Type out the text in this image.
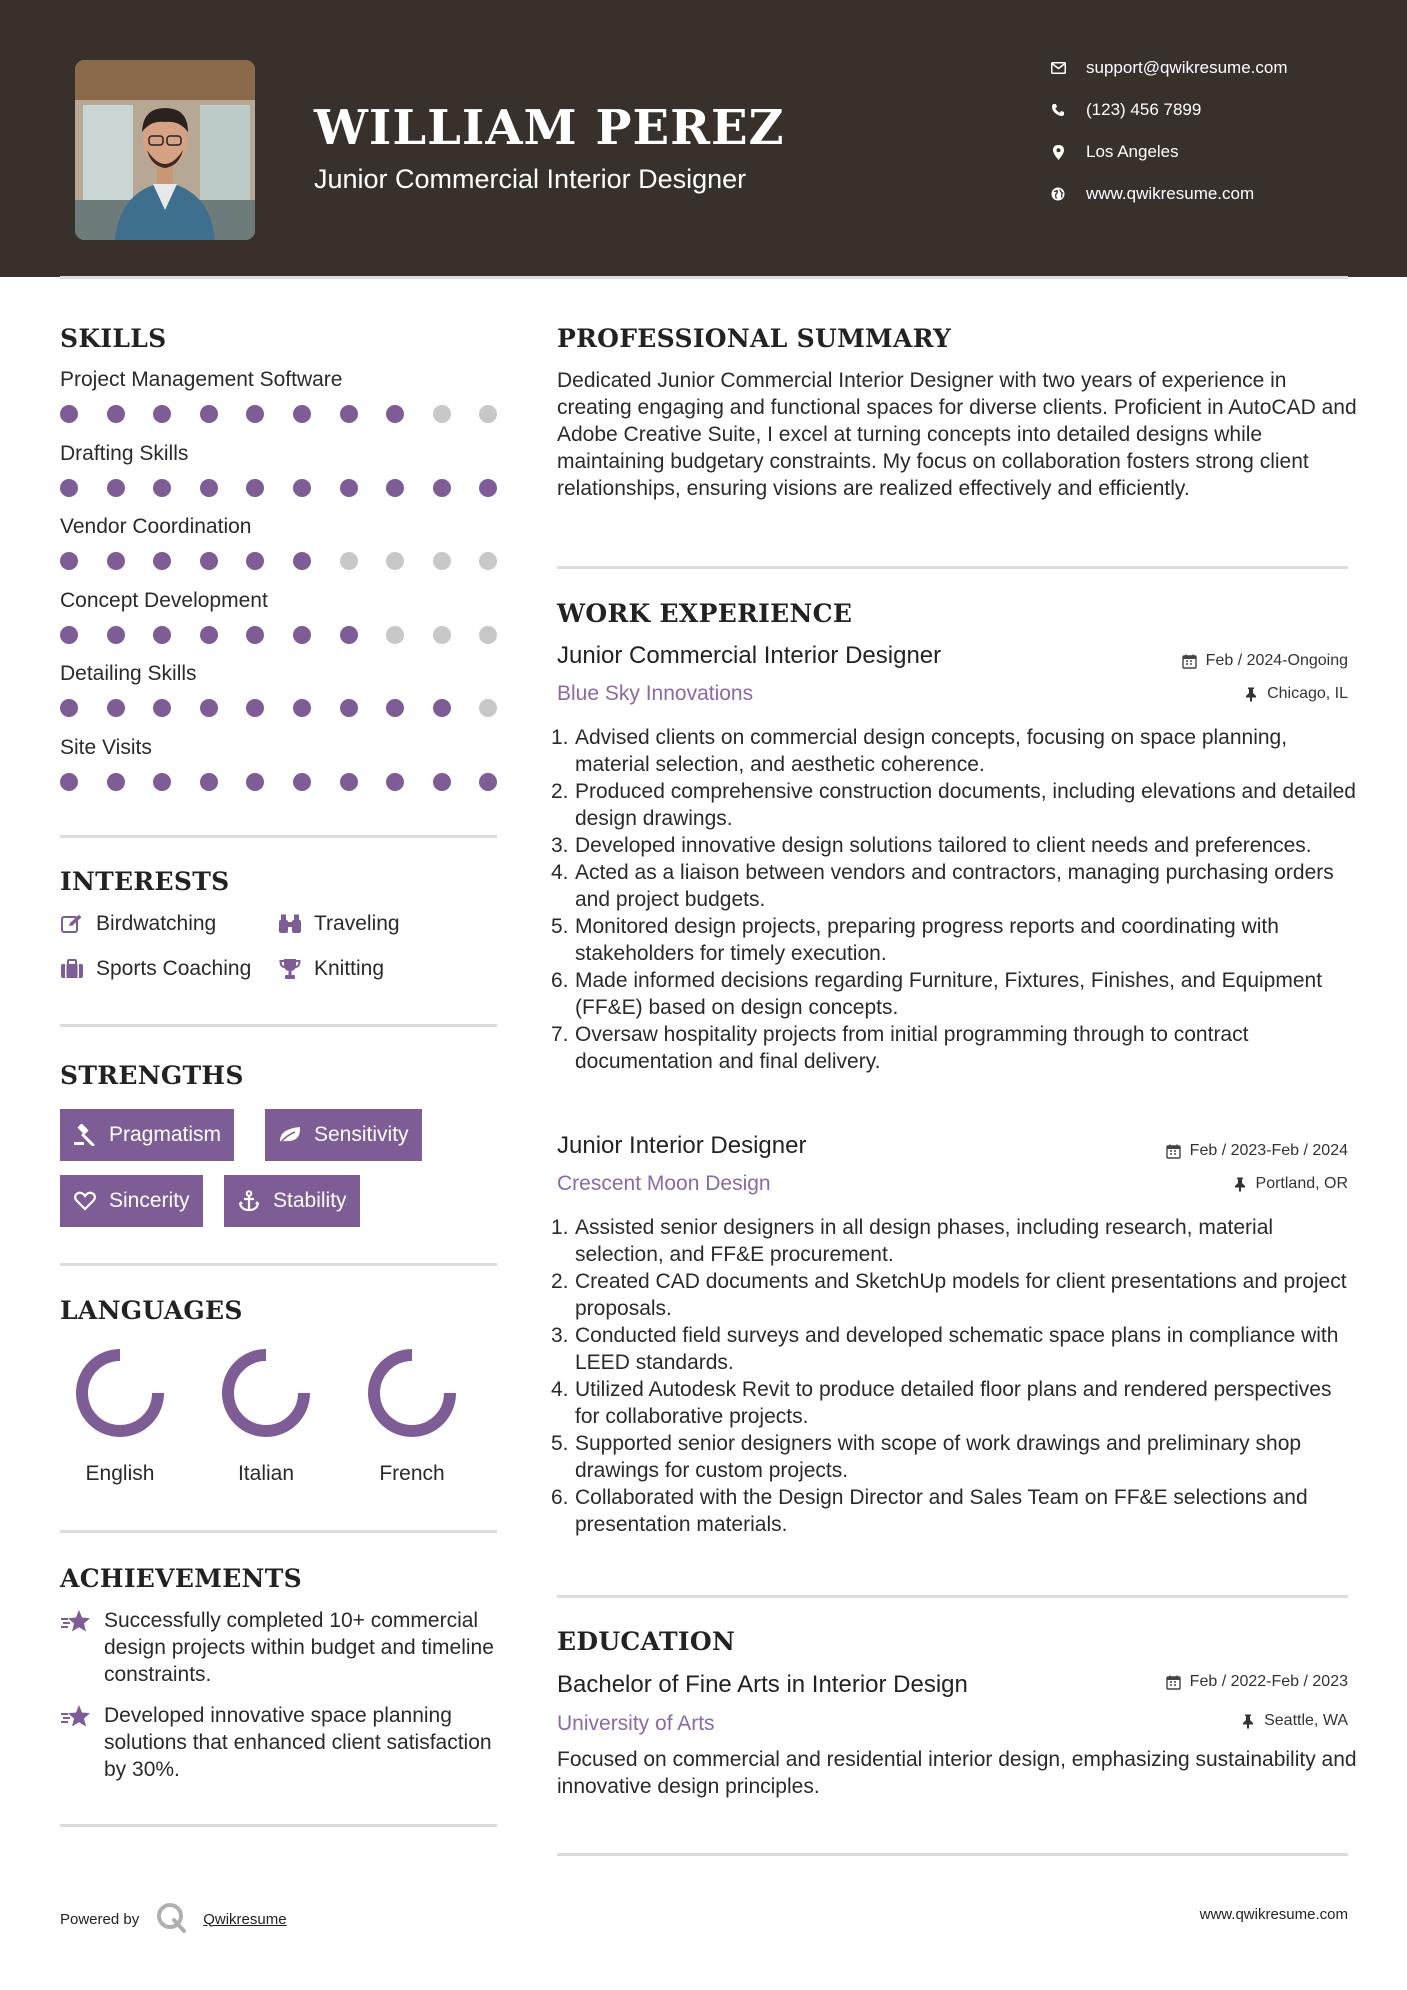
WILLIAM PEREZ
Junior Commercial Interior Designer
support@qwikresume.com
(123) 456 7899
Los Angeles
www.qwikresume.com
SKILLS
Project Management Software
Drafting Skills
Vendor Coordination
Concept Development
Detailing Skills
Site Visits
INTERESTS
Birdwatching	Traveling
Sports Coaching	Knitting
STRENGTHS
Pragmatism	Sensitivity
Sincerity	Stability
LANGUAGES
English	Italian	French
ACHIEVEMENTS
Successfully completed 10+ commercial design projects within budget and timeline constraints.
Developed innovative space planning solutions that enhanced client satisfaction by 30%.
PROFESSIONAL SUMMARY
Dedicated Junior Commercial Interior Designer with two years of experience in creating engaging and functional spaces for diverse clients. Proficient in AutoCAD and Adobe Creative Suite, I excel at turning concepts into detailed designs while maintaining budgetary constraints. My focus on collaboration fosters strong client relationships, ensuring visions are realized effectively and efficiently.
WORK EXPERIENCE
Junior Commercial Interior Designer	Feb / 2024-Ongoing
Blue Sky Innovations	Chicago, IL
1. Advised clients on commercial design concepts, focusing on space planning, material selection, and aesthetic coherence.
2. Produced comprehensive construction documents, including elevations and detailed design drawings.
3. Developed innovative design solutions tailored to client needs and preferences.
4. Acted as a liaison between vendors and contractors, managing purchasing orders and project budgets.
5. Monitored design projects, preparing progress reports and coordinating with stakeholders for timely execution.
6. Made informed decisions regarding Furniture, Fixtures, Finishes, and Equipment (FF&E) based on design concepts.
7. Oversaw hospitality projects from initial programming through to contract documentation and final delivery.
Junior Interior Designer	Feb / 2023-Feb / 2024
Crescent Moon Design	Portland, OR
1. Assisted senior designers in all design phases, including research, material selection, and FF&E procurement.
2. Created CAD documents and SketchUp models for client presentations and project proposals.
3. Conducted field surveys and developed schematic space plans in compliance with LEED standards.
4. Utilized Autodesk Revit to produce detailed floor plans and rendered perspectives for collaborative projects.
5. Supported senior designers with scope of work drawings and preliminary shop drawings for custom projects.
6. Collaborated with the Design Director and Sales Team on FF&E selections and presentation materials.
EDUCATION
Bachelor of Fine Arts in Interior Design	Feb / 2022-Feb / 2023
University of Arts	Seattle, WA
Focused on commercial and residential interior design, emphasizing sustainability and innovative design principles.
Powered by	Qwikresume	www.qwikresume.com
